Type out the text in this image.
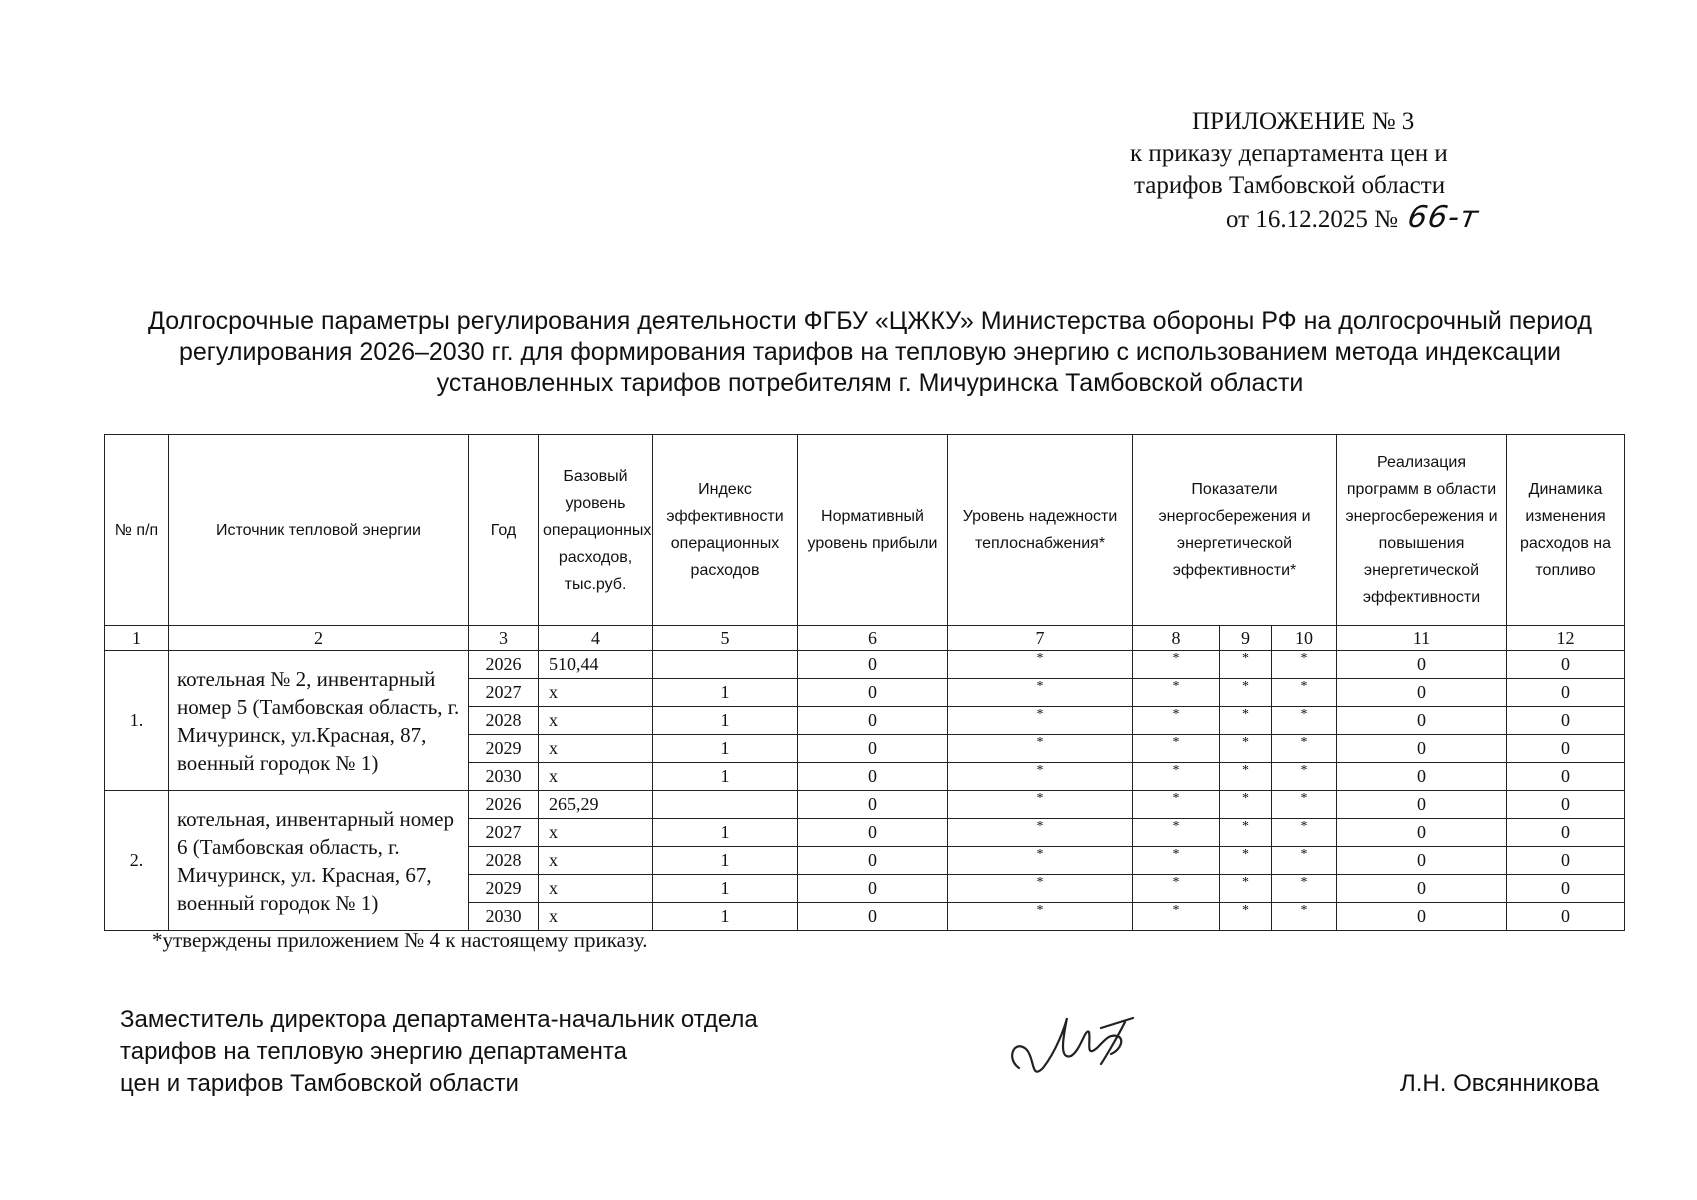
ПРИЛОЖЕНИЕ № 3
к приказу департамента цен и
тарифов Тамбовской области
от 16.12.2025 № 66-т
Долгосрочные параметры регулирования деятельности ФГБУ «ЦЖКУ» Министерства обороны РФ на долгосрочный период регулирования 2026–2030 гг. для формирования тарифов на тепловую энергию с использованием метода индексации установленных тарифов потребителям г. Мичуринска Тамбовской области
№ п/п	Источник тепловой энергии	Год	Базовый уровень операционных расходов, тыс.руб.	Индекс эффективности операционных расходов	Нормативный уровень прибыли	Уровень надежности теплоснабжения*	Показатели энергосбережения и энергетической эффективности*			Реализация программ в области энергосбережения и повышения энергетической эффективности	Динамика изменения расходов на топливо
1	2	3	4	5	6	7	8	9	10	11	12
1.	котельная № 2, инвентарный номер 5 (Тамбовская область, г. Мичуринск, ул.Красная, 87, военный городок № 1)	2026	510,44		0	*	*	*	*	0	0
		2027	х	1	0	*	*	*	*	0	0
		2028	х	1	0	*	*	*	*	0	0
		2029	х	1	0	*	*	*	*	0	0
		2030	х	1	0	*	*	*	*	0	0
2.	котельная, инвентарный номер 6 (Тамбовская область, г. Мичуринск, ул. Красная, 67, военный городок № 1)	2026	265,29		0	*	*	*	*	0	0
		2027	х	1	0	*	*	*	*	0	0
		2028	х	1	0	*	*	*	*	0	0
		2029	х	1	0	*	*	*	*	0	0
		2030	х	1	0	*	*	*	*	0	0
*утверждены приложением № 4 к настоящему приказу.
Заместитель директора департамента-начальник отдела
тарифов на тепловую энергию департамента
цен и тарифов Тамбовской области	Л.Н. Овсянникова
